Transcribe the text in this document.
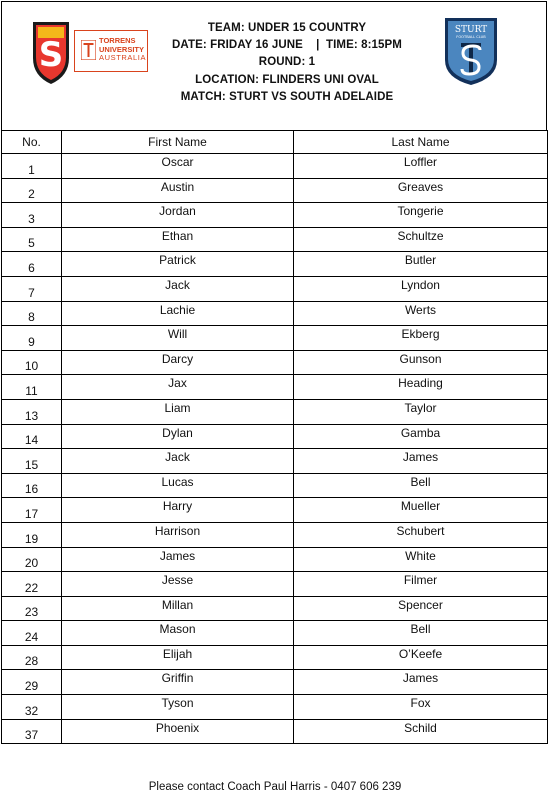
S	TORRENS
UNIVERSITY
AUSTRALIA
TEAM: UNDER 15 COUNTRY
DATE: FRIDAY 16 JUNE    |  TIME: 8:15PM
ROUND: 1
LOCATION: FLINDERS UNI OVAL
MATCH: STURT VS SOUTH ADELAIDE
STURT
FOOTBALL CLUB
No.	First Name	Last Name
1	Oscar	Loffler
2	Austin	Greaves
3	Jordan	Tongerie
5	Ethan	Schultze
6	Patrick	Butler
7	Jack	Lyndon
8	Lachie	Werts
9	Will	Ekberg
10	Darcy	Gunson
11	Jax	Heading
13	Liam	Taylor
14	Dylan	Gamba
15	Jack	James
16	Lucas	Bell
17	Harry	Mueller
19	Harrison	Schubert
20	James	White
22	Jesse	Filmer
23	Millan	Spencer
24	Mason	Bell
28	Elijah	O’Keefe
29	Griffin	James
32	Tyson	Fox
37	Phoenix	Schild
Please contact Coach Paul Harris - 0407 606 239
